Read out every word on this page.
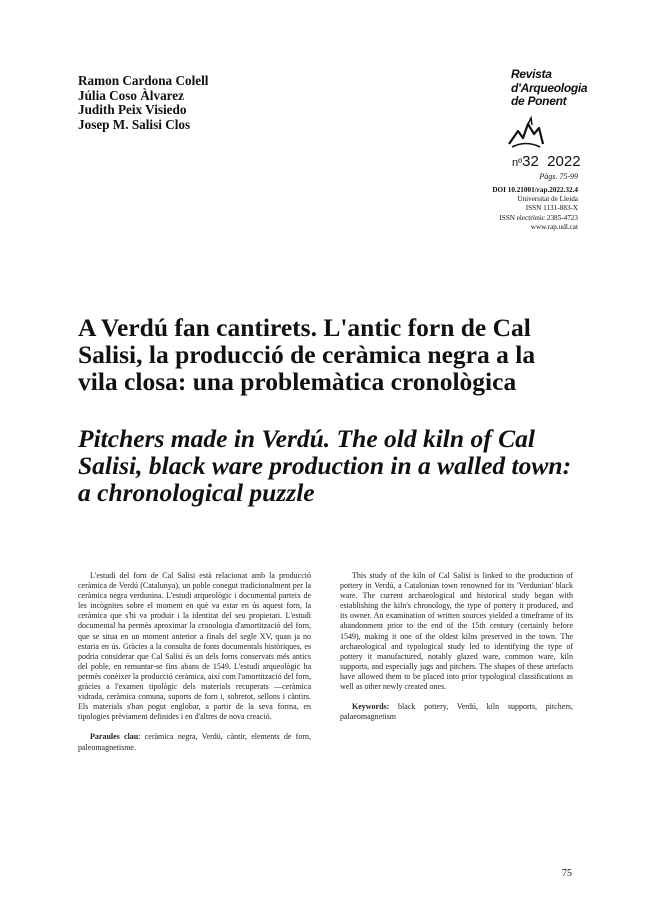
Ramon Cardona Colell
Júlia Coso Àlvarez
Judith Peix Visiedo
Josep M. Salisi Clos
Revista
d'Arqueologia
de Ponent
nº32 2022
Pàgs. 75-99
DOI 10.21001/rap.2022.32.4
Universitat de Lleida
ISSN 1131-883-X
ISSN electrònic 2385-4723
www.rap.udl.cat
A Verdú fan cantirets. L'antic forn de Cal Salisi, la producció de ceràmica negra a la vila closa: una problemàtica cronològica
Pitchers made in Verdú. The old kiln of Cal Salisi, black ware production in a walled town: a chronological puzzle

L'estudi del forn de Cal Salisi està relacionat amb la producció ceràmica de Verdú (Catalunya), un poble conegut tradicionalment per la ceràmica negra verdunina. L'estudi arqueològic i documental parteix de les incògnites sobre el moment en què va estar en ús aquest forn, la ceràmica que s'hi va produir i la identitat del seu propietari. L'estudi documental ha permès aproximar la cronologia d'amortització del forn, que se situa en un moment anterior a finals del segle XV, quan ja no estaria en ús. Gràcies a la consulta de fonts documentals històriques, es podria considerar que Cal Salisi és un dels forns conservats més antics del poble, en remuntar-se fins abans de 1549. L'estudi arqueològic ha permès conèixer la producció ceràmica, així com l'amortització del forn, gràcies a l'examen tipològic dels materials recuperats —ceràmica vidrada, ceràmica comuna, suports de forn i, sobretot, sellons i càntirs. Els materials s'han pogut englobar, a partir de la seva forma, en tipologies prèviament definides i en d'altres de nova creació.

Paraules clau: ceràmica negra, Verdú, càntir, elements de forn, paleomagnetisme.

This study of the kiln of Cal Salisi is linked to the production of pottery in Verdú, a Catalonian town renowned for its 'Verdunian' black ware. The current archaeological and historical study began with establishing the kiln's chronology, the type of pottery it produced, and its owner. An examination of written sources yielded a timeframe of its abandonment prior to the end of the 15th century (certainly before 1549), making it one of the oldest kilns preserved in the town. The archaeological and typological study led to identifying the type of pottery it manufactured, notably glazed ware, common ware, kiln supports, and especially jugs and pitchers. The shapes of these artefacts have allowed them to be placed into prior typological classifications as well as other newly created ones.

Keywords: black pottery, Verdú, kiln supports, pitchers, palaeomagnetism

75
